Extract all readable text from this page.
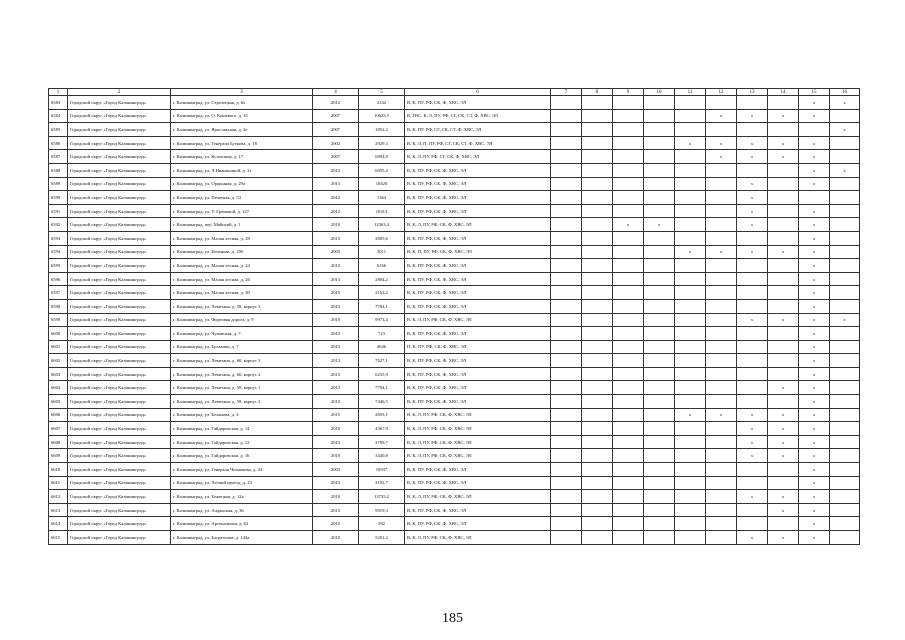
1	2	3	4	5	6	7	8	9	10	11	12	13	14	15	16
6583	Городской округ «Город Калининград»	г. Калининград, ул. Стрелецкая, д. 6а	2012	2142	В, К, ПУ, РФ, СК, Ф, ХВС, ЭЛ									x	x
6584	Городской округ «Город Калининград»	г. Калининград, ул. О. Кошевого, д. 35	2007	10623,5	В, ГВС, К, Л, ПУ, РФ, СГ, СК, СТ, Ф, ХВС, ЭЛ						x	x	x	x	
6585	Городской округ «Город Калининград»	г. Калининград, ул. Ярославская, д. 2е	2007	1852,2	В, К, ПУ, РФ, СГ, СК, СТ, Ф, ХВС, ЭЛ										x
6586	Городской округ «Город Калининград»	г. Калининград, ул. Генерала Буткова, д. 18	2002	2929,3	В, К, Л, П, ПУ, РФ, СГ, СК, СТ, Ф, ХВС, ЭЛ					x	x	x	x	x	
6587	Городской округ «Город Калининград»	г. Калининград, ул. Колхозная, д. 17	2007	6894,8	В, К, Л, ПУ, РФ, СГ, СК, Ф, ХВС, ЭЛ						x	x	x	x	
6588	Городской округ «Город Калининград»	г. Калининград, ул. Л.Иванихиной, д. 3з	2012	6955,4	В, К, ПУ, РФ, СК, Ф, ХВС, ЭЛ									x	x
6589	Городской округ «Город Калининград»	г. Калининград, ул. Ордынная, д. 29а	2013	10420	В, К, ПУ, РФ, СК, Ф, ХВС, ЭЛ							x		x	
6590	Городской округ «Город Калининград»	г. Калининград, ул. Печатная, д. 53	2012	1364	В, К, ПУ, РФ, СК, Ф, ХВС, ЭЛ							x			
6591	Городской округ «Город Калининград»	г. Калининград, ул. У. Громовой, д. 127	2012	10313	В, К, ПУ, РФ, СК, Ф, ХВС, ЭЛ							x		x	
6592	Городской округ «Город Калининград»	г. Калининград, пер. Майский, д. 1	2010	12363,4	В, К, Л, ПУ, РФ, СК, Ф, ХВС, ЭЛ			x	x			x		x	
6593	Городской округ «Город Калининград»	г. Калининград, ул. Малая лесная, д. 28	2013	2805,6	В, К, ПУ, РФ, СК, Ф, ХВС, ЭЛ									x	
6594	Городской округ «Город Калининград»	г. Калининград, ул. Бочанова, д. 29б	2005	3011	В, К, П, ПУ, РФ, СК, Ф, ХВС, ЭЛ					x	x	x	x	x	
6595	Городской округ «Город Калининград»	г. Калининград, ул. Малая лесная, д. 24	2013	6166	В, К, ПУ, РФ, СК, Ф, ХВС, ЭЛ									x	
6596	Городской округ «Город Калининград»	г. Калининград, ул. Малая лесная, д. 26	2013	2804,2	В, К, ПУ, РФ, СК, Ф, ХВС, ЭЛ									x	
6597	Городской округ «Город Калининград»	г. Калининград, ул. Малая лесная, д. 30	2013	2162,2	В, К, ПУ, РФ, СК, Ф, ХВС, ЭЛ									x	
6598	Городской округ «Город Калининград»	г. Калининград, ул. Левитана, д. 58, корпус 3	2013	7784,1	В, К, ПУ, РФ, СК, Ф, ХВС, ЭЛ									x	
6599	Городской округ «Город Калининград»	г. Калининград, ул. Фортовая дорога, д. 9	2010	9973,4	В, К, Л, ПУ, РФ, СК, Ф, ХВС, ЭЛ							x	x	x	x
6600	Городской округ «Город Калининград»	г. Калининград, ул. Чуковская, д. 7	2013	723	В, К, ПУ, РФ, СК, Ф, ХВС, ЭЛ									x	
6601	Городской округ «Город Калининград»	г. Калининград, ул. Булавина, д. 7	2013	4646	П, К, ПУ, РФ, СК, Ф, ХВС, ЭЛ									x	
6602	Городской округ «Город Калининград»	г. Калининград, ул. Левитана, д. 60, корпус 3	2013	7627,1	В, К, ПУ, РФ, СК, Ф, ХВС, ЭЛ									x	
6603	Городской округ «Город Калининград»	г. Калининград, ул. Левитана, д. 60, корпус 2	2013	6235,9	В, К, ПУ, РФ, СК, Ф, ХВС, ЭЛ									x	
6604	Городской округ «Город Калининград»	г. Калининград, ул. Левитана, д. 58, корпус 1	2013	7794,1	В, К, ПУ, РФ, СК, Ф, ХВС, ЭЛ								x	x	
6605	Городской округ «Город Калининград»	г. Калининград, ул. Левитана, д. 58, корпус 2	2013	7446,5	В, К, ПУ, РФ, СК, Ф, ХВС, ЭЛ									x	
6606	Городской округ «Город Калининград»	г. Калининград, ул. Беланова, д. 4	2015	2693,1	В, К, Л, ПУ, РФ, СК, Ф, ХВС, ЭЛ					x	x	x	x	x	
6607	Городской округ «Город Калининград»	г. Калининград, ул. Гайдаровская, д. 14	2010	4367,9	В, К, Л, ПУ, РФ, СК, Ф, ХВС, ЭЛ							x	x	x	
6608	Городской округ «Город Калининград»	г. Калининград, ул. Гайдаровская, д. 12	2013	3789,7	В, К, Л, ПУ, РФ, СК, Ф, ХВС, ЭЛ							x	x	x	
6609	Городской округ «Город Калининград»	г. Калининград, ул. Гайдаровская, д. 16	2010	3440,8	В, К, Л, ПУ, РФ, СК, Ф, ХВС, ЭЛ							x	x	x	
6610	Городской округ «Город Калининград»	г. Калининград, ул. Генерала Челнокова, д. 44	2003	10937	В, К, ПУ, РФ, СК, Ф, ХВС, ЭЛ									x	
6611	Городской округ «Город Калининград»	г. Калининград, ул. Летний проезд, д. 23	2013	3192,7	В, К, ПУ, РФ, СК, Ф, ХВС, ЭЛ									x	
6612	Городской округ «Город Калининград»	г. Калининград, ул. Бежецкая, д. 12а	2010	13735,2	В, К, Л, ПУ, РФ, СК, Ф, ХВС, ЭЛ							x	x	x	
6613	Городской округ «Город Калининград»	г. Калининград, ул. Алданская, д. 36	2013	9919,3	В, К, ПУ, РФ, СК, Ф, ХВС, ЭЛ								x	x	
6614	Городской округ «Город Калининград»	г. Калининград, ул. Арсенальная, д. 62	2015	582	В, К, ПУ, РФ, СК, Ф, ХВС, ЭЛ									x	
6615	Городской округ «Город Калининград»	г. Калининград, ул. Багратиона, д. 144а	2010	5201,2	В, К, Л, ПУ, РФ, СК, Ф, ХВС, ЭЛ							x	x	x	
185
